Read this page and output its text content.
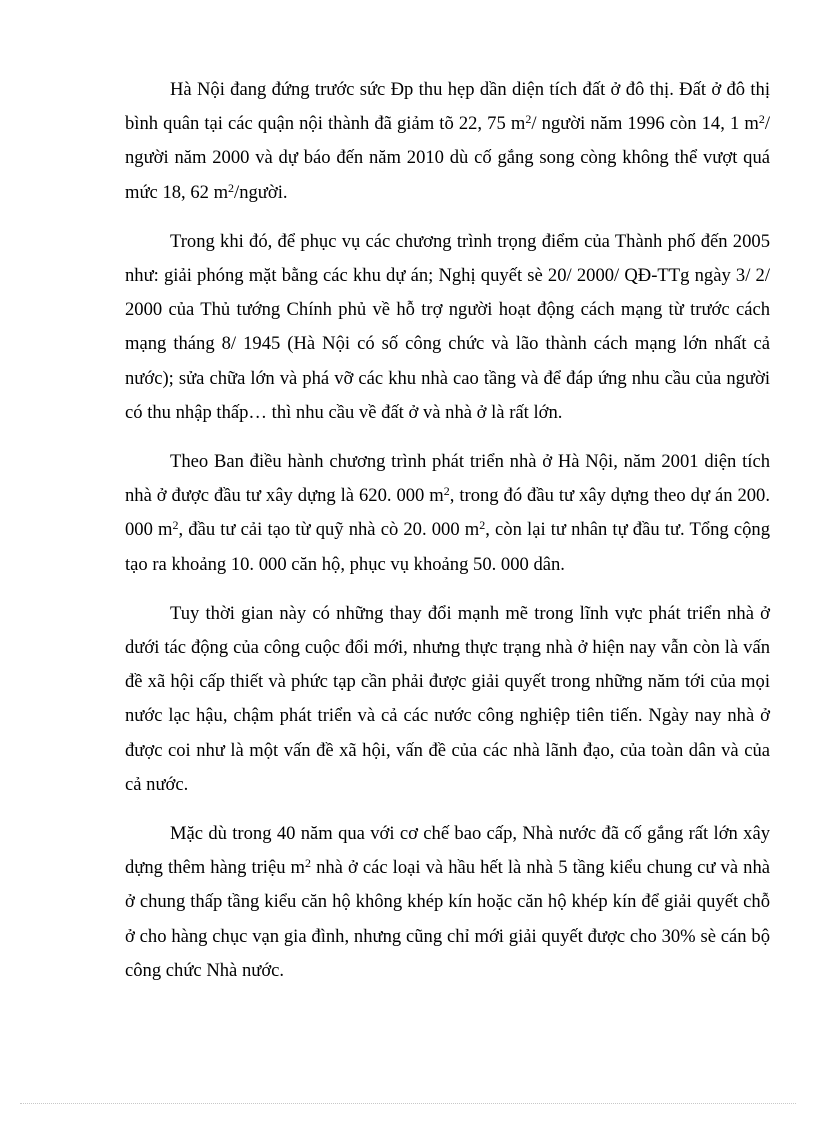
Hà Nội đang đứng trước sức Ðp thu hẹp dần diện tích đất ở đô thị. Đất ở đô thị bình quân tại các quận nội thành đã giảm tõ 22, 75 $m^2/$ người năm 1996 còn 14, 1 $m^2/$ người năm 2000 và dự báo đến năm 2010 dù cố gắng song còng không thể vượt quá mức 18, 62 $m^2$/người.

Trong khi đó, để phục vụ các chương trình trọng điểm của Thành phố đến 2005 như: giải phóng mặt bằng các khu dự án; Nghị quyết sè 20/ 2000/ QĐ-TTg ngày 3/ 2/ 2000 của Thủ tướng Chính phủ về hỗ trợ người hoạt động cách mạng từ trước cách mạng tháng 8/ 1945 (Hà Nội có số công chức và lão thành cách mạng lớn nhất cả nước); sửa chữa lớn và phá vỡ các khu nhà cao tầng và để đáp ứng nhu cầu của người có thu nhập thấp… thì nhu cầu về đất ở và nhà ở là rất lớn.

Theo Ban điều hành chương trình phát triển nhà ở Hà Nội, năm 2001 diện tích nhà ở được đầu tư xây dựng là 620. 000 $m^2$, trong đó đầu tư xây dựng theo dự án 200. 000 $m^2$, đầu tư cải tạo từ quỹ nhà cò 20. 000 $m^2$, còn lại tư nhân tự đầu tư. Tổng cộng tạo ra khoảng 10. 000 căn hộ, phục vụ khoảng 50. 000 dân.

Tuy thời gian này có những thay đổi mạnh mẽ trong lĩnh vực phát triển nhà ở dưới tác động của công cuộc đổi mới, nhưng thực trạng nhà ở hiện nay vẫn còn là vấn đề xã hội cấp thiết và phức tạp cần phải được giải quyết trong những năm tới của mọi nước lạc hậu, chậm phát triển và cả các nước công nghiệp tiên tiến. Ngày nay nhà ở được coi như là một vấn đề xã hội, vấn đề của các nhà lãnh đạo, của toàn dân và của cả nước.

Mặc dù trong 40 năm qua với cơ chế bao cấp, Nhà nước đã cố gắng rất lớn xây dựng thêm hàng triệu $m^2$ nhà ở các loại và hầu hết là nhà 5 tầng kiểu chung cư và nhà ở chung thấp tầng kiểu căn hộ không khép kín hoặc căn hộ khép kín để giải quyết chỗ ở cho hàng chục vạn gia đình, nhưng cũng chỉ mới giải quyết được cho 30% sè cán bộ công chức Nhà nước.
